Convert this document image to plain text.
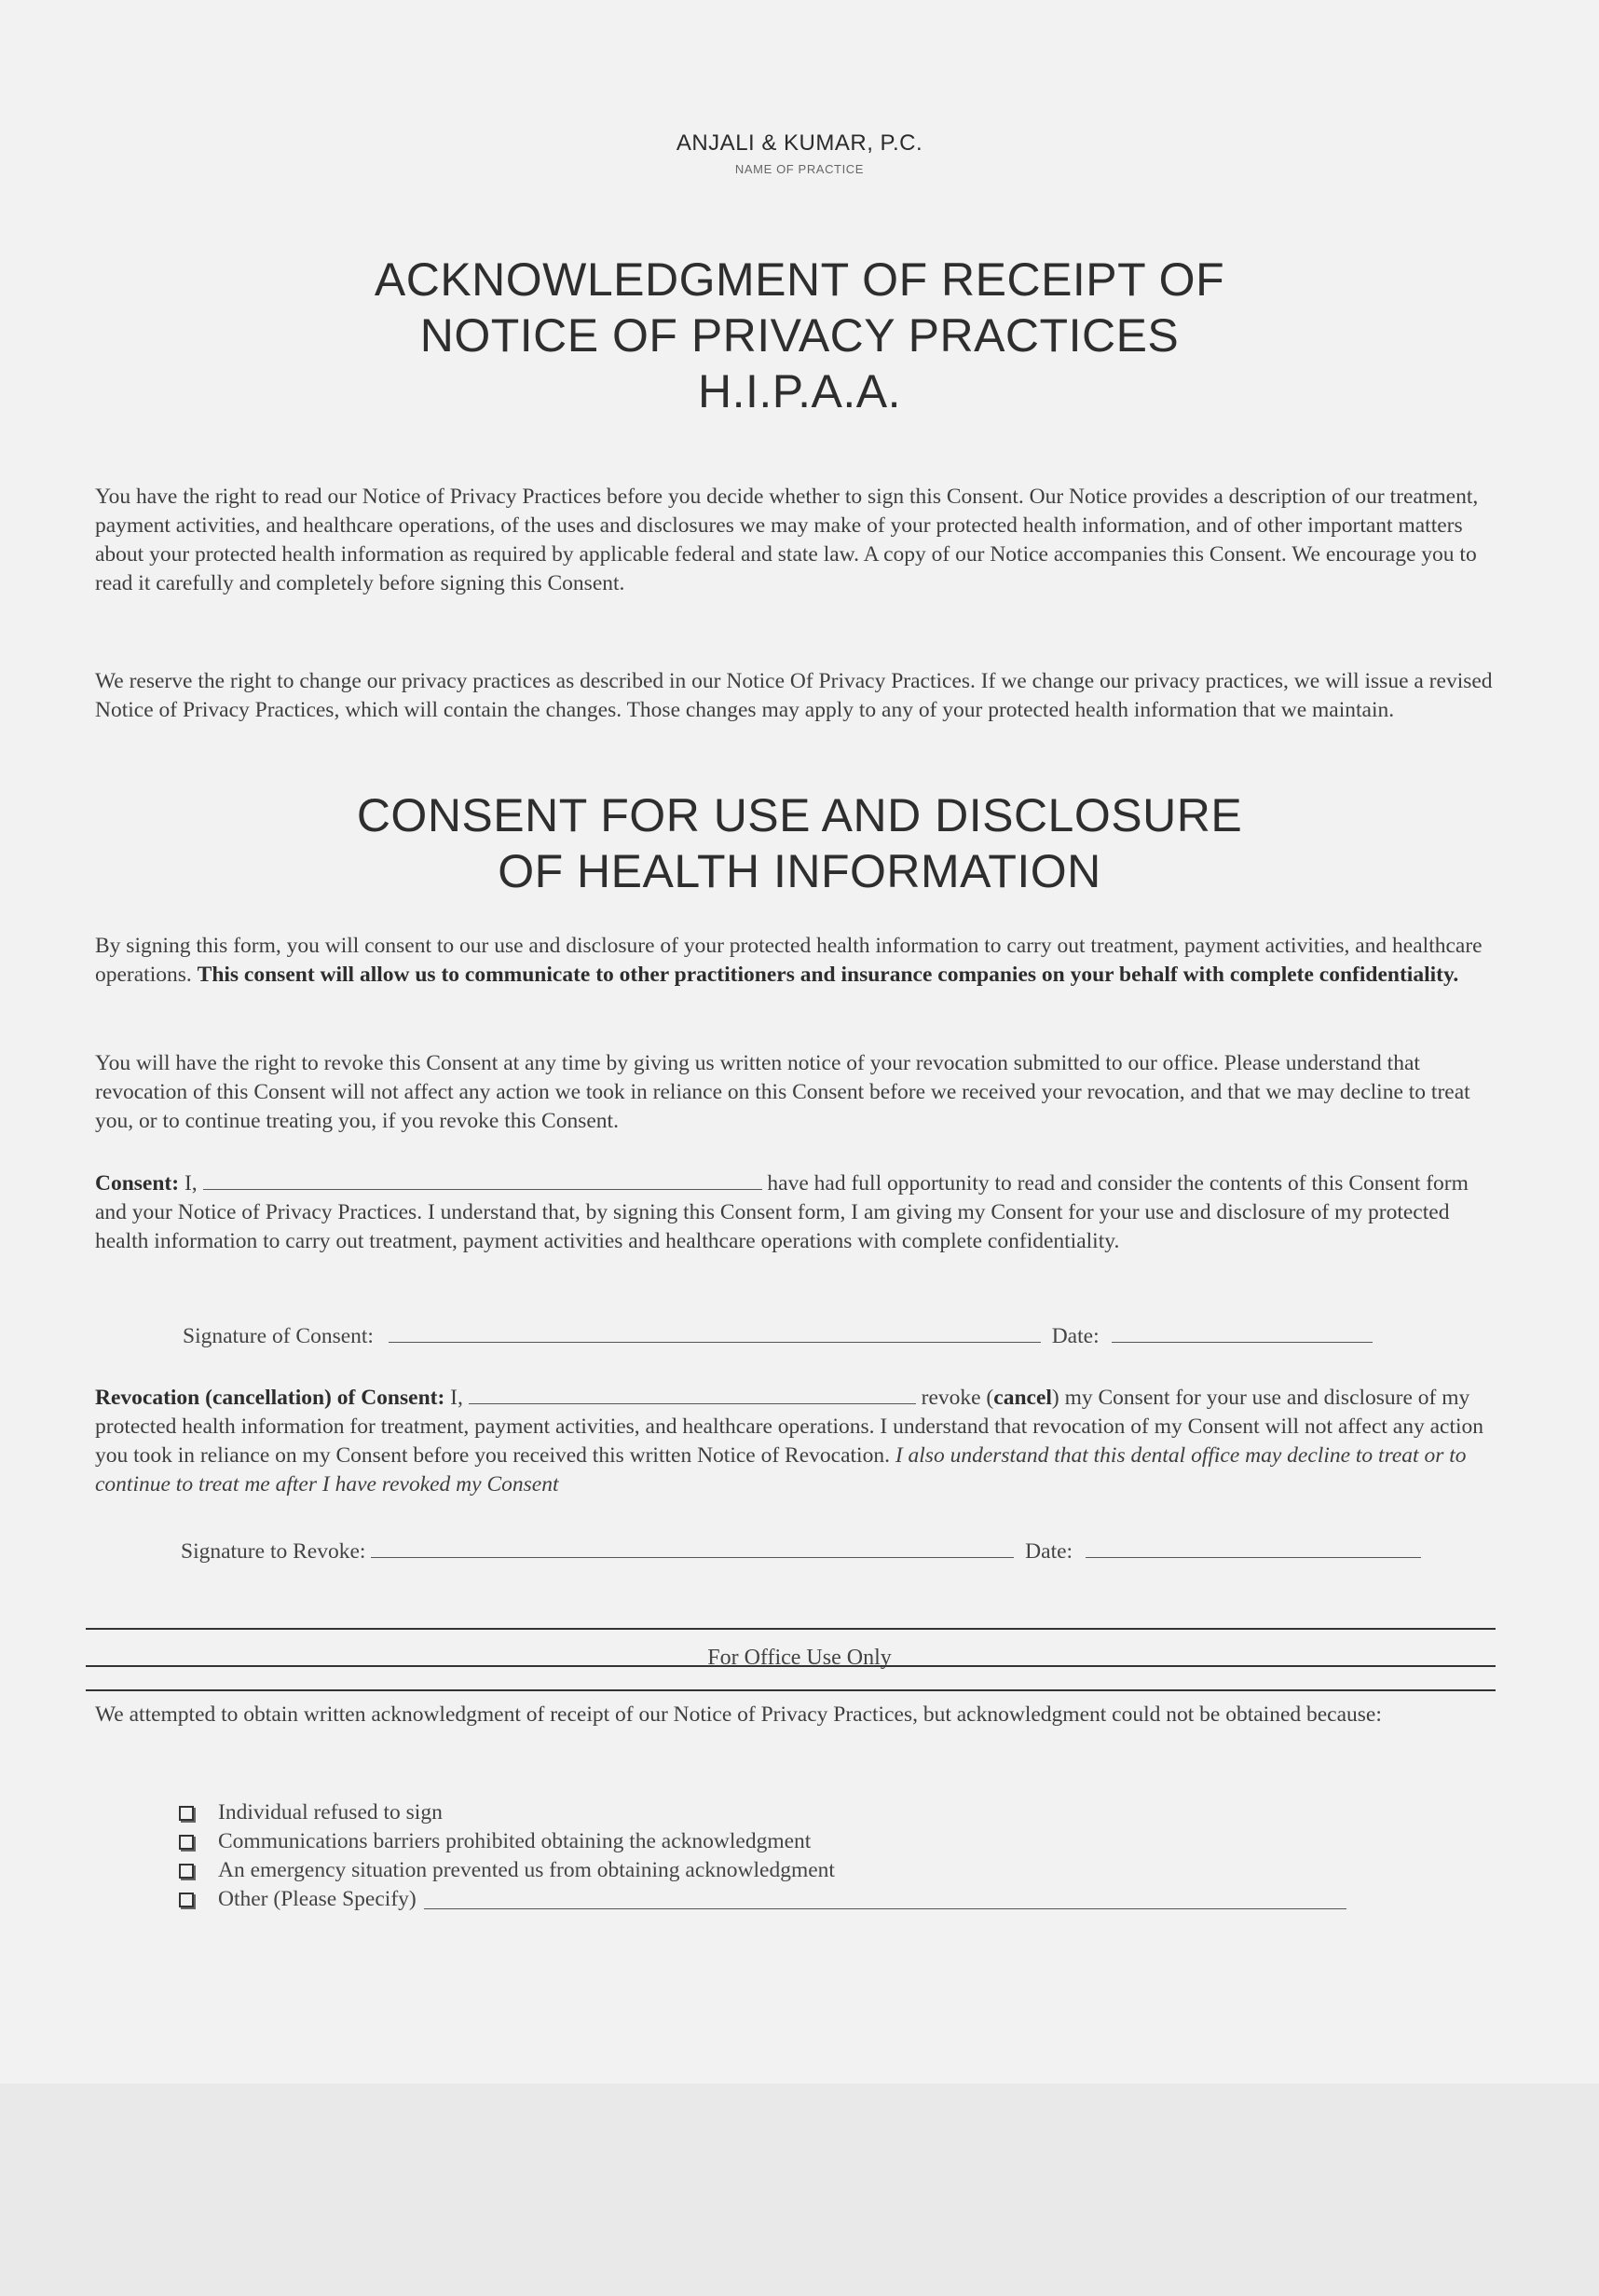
ANJALI & KUMAR, P.C.
NAME OF PRACTICE
ACKNOWLEDGMENT OF RECEIPT OF
NOTICE OF PRIVACY PRACTICES
H.I.P.A.A.
You have the right to read our Notice of Privacy Practices before you decide whether to sign this Consent. Our Notice provides a description of our treatment, payment activities, and healthcare operations, of the uses and disclosures we may make of your protected health information, and of other important matters about your protected health information as required by applicable federal and state law. A copy of our Notice accompanies this Consent. We encourage you to read it carefully and completely before signing this Consent.
We reserve the right to change our privacy practices as described in our Notice Of Privacy Practices. If we change our privacy practices, we will issue a revised Notice of Privacy Practices, which will contain the changes. Those changes may apply to any of your protected health information that we maintain.
CONSENT FOR USE AND DISCLOSURE
OF HEALTH INFORMATION
By signing this form, you will consent to our use and disclosure of your protected health information to carry out treatment, payment activities, and healthcare operations. This consent will allow us to communicate to other practitioners and insurance companies on your behalf with complete confidentiality.
You will have the right to revoke this Consent at any time by giving us written notice of your revocation submitted to our office. Please understand that revocation of this Consent will not affect any action we took in reliance on this Consent before we received your revocation, and that we may decline to treat you, or to continue treating you, if you revoke this Consent.
Consent: I,	have had full opportunity to read and consider the contents of this Consent form and your Notice of Privacy Practices. I understand that, by signing this Consent form, I am giving my Consent for your use and disclosure of my protected health information to carry out treatment, payment activities and healthcare operations with complete confidentiality.
Signature of Consent:	Date:
Revocation (cancellation) of Consent: I,	revoke (cancel) my Consent for your use and disclosure of my protected health information for treatment, payment activities, and healthcare operations. I understand that revocation of my Consent will not affect any action you took in reliance on my Consent before you received this written Notice of Revocation. I also understand that this dental office may decline to treat or to continue to treat me after I have revoked my Consent
Signature to Revoke:	Date:
For Office Use Only
We attempted to obtain written acknowledgment of receipt of our Notice of Privacy Practices, but acknowledgment could not be obtained because:
Individual refused to sign
Communications barriers prohibited obtaining the acknowledgment
An emergency situation prevented us from obtaining acknowledgment
Other (Please Specify)
